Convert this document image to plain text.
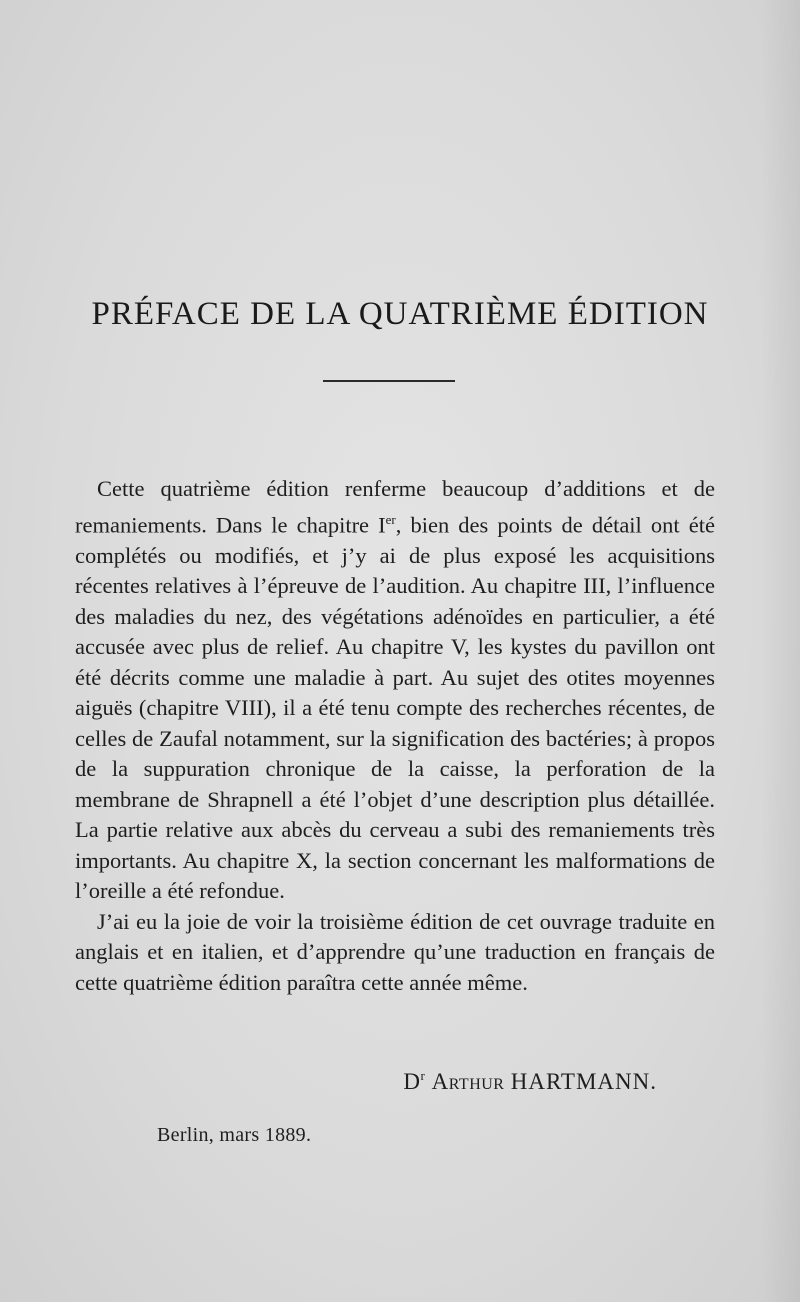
PRÉFACE DE LA QUATRIÈME ÉDITION

Cette quatrième édition renferme beaucoup d’additions et de remaniements. Dans le chapitre Ier, bien des points de détail ont été complétés ou modifiés, et j’y ai de plus exposé les acquisitions récentes relatives à l’épreuve de l’audition. Au chapitre III, l’influence des maladies du nez, des végétations adénoïdes en particulier, a été accusée avec plus de relief. Au chapitre V, les kystes du pavillon ont été décrits comme une maladie à part. Au sujet des otites moyennes aiguës (chapitre VIII), il a été tenu compte des recherches récentes, de celles de Zaufal notamment, sur la signification des bactéries; à propos de la suppuration chronique de la caisse, la perforation de la membrane de Shrapnell a été l’objet d’une description plus détaillée. La partie relative aux abcès du cerveau a subi des remaniements très importants. Au chapitre X, la section concernant les malformations de l’oreille a été refondue.

J’ai eu la joie de voir la troisième édition de cet ouvrage traduite en anglais et en italien, et d’apprendre qu’une traduction en français de cette quatrième édition paraîtra cette année même.

$D^r$ Arthur HARTMANN.
Berlin, mars 1889.
